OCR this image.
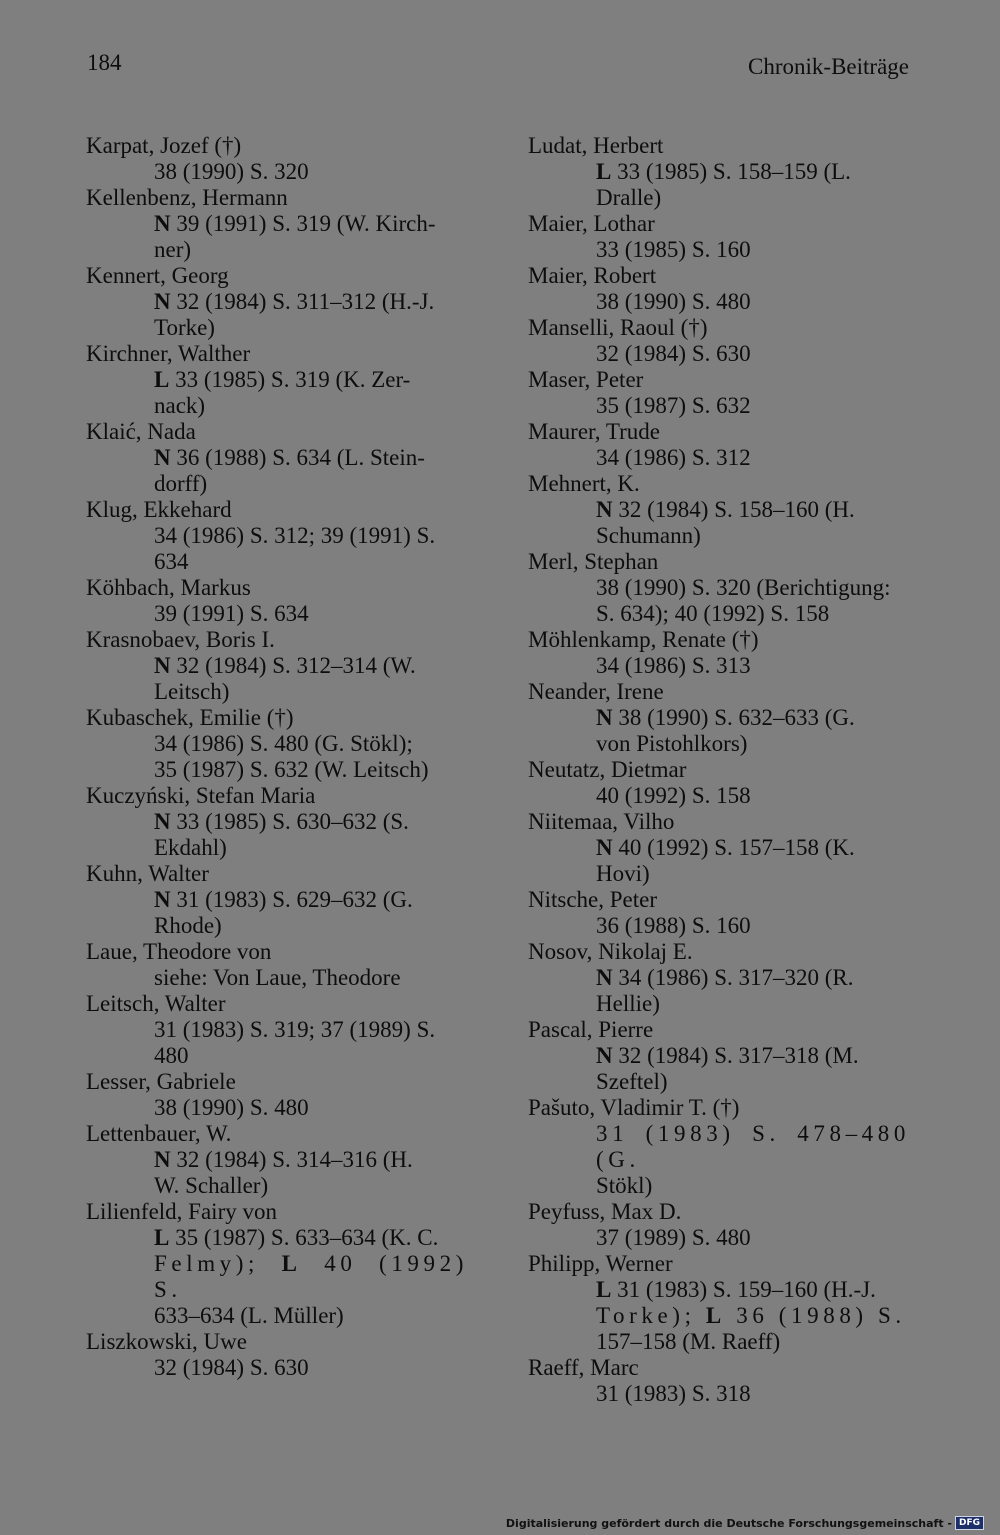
184	Chronik-Beiträge
Karpat, Jozef (†)
38 (1990) S. 320
Kellenbenz, Hermann
N 39 (1991) S. 319 (W. Kirch-
ner)
Kennert, Georg
N 32 (1984) S. 311–312 (H.-J.
Torke)
Kirchner, Walther
L 33 (1985) S. 319 (K. Zer-
nack)
Klaić, Nada
N 36 (1988) S. 634 (L. Stein-
dorff)
Klug, Ekkehard
34 (1986) S. 312; 39 (1991) S.
634
Köhbach, Markus
39 (1991) S. 634
Krasnobaev, Boris I.
N 32 (1984) S. 312–314 (W.
Leitsch)
Kubaschek, Emilie (†)
34 (1986) S. 480 (G. Stökl);
35 (1987) S. 632 (W. Leitsch)
Kuczyński, Stefan Maria
N 33 (1985) S. 630–632 (S.
Ekdahl)
Kuhn, Walter
N 31 (1983) S. 629–632 (G.
Rhode)
Laue, Theodore von
siehe: Von Laue, Theodore
Leitsch, Walter
31 (1983) S. 319; 37 (1989) S.
480
Lesser, Gabriele
38 (1990) S. 480
Lettenbauer, W.
N 32 (1984) S. 314–316 (H.
W. Schaller)
Lilienfeld, Fairy von
L 35 (1987) S. 633–634 (K. C.
Felmy); L 40 (1992) S.
633–634 (L. Müller)
Liszkowski, Uwe
32 (1984) S. 630
Ludat, Herbert
L 33 (1985) S. 158–159 (L.
Dralle)
Maier, Lothar
33 (1985) S. 160
Maier, Robert
38 (1990) S. 480
Manselli, Raoul (†)
32 (1984) S. 630
Maser, Peter
35 (1987) S. 632
Maurer, Trude
34 (1986) S. 312
Mehnert, K.
N 32 (1984) S. 158–160 (H.
Schumann)
Merl, Stephan
38 (1990) S. 320 (Berichtigung:
S. 634); 40 (1992) S. 158
Möhlenkamp, Renate (†)
34 (1986) S. 313
Neander, Irene
N 38 (1990) S. 632–633 (G.
von Pistohlkors)
Neutatz, Dietmar
40 (1992) S. 158
Niitemaa, Vilho
N 40 (1992) S. 157–158 (K.
Hovi)
Nitsche, Peter
36 (1988) S. 160
Nosov, Nikolaj E.
N 34 (1986) S. 317–320 (R.
Hellie)
Pascal, Pierre
N 32 (1984) S. 317–318 (M.
Szeftel)
Pašuto, Vladimir T. (†)
31 (1983) S. 478–480 (G.
Stökl)
Peyfuss, Max D.
37 (1989) S. 480
Philipp, Werner
L 31 (1983) S. 159–160 (H.-J.
Torke); L 36 (1988) S.
157–158 (M. Raeff)
Raeff, Marc
31 (1983) S. 318
Digitalisierung gefördert durch die Deutsche Forschungsgemeinschaft - DFG
